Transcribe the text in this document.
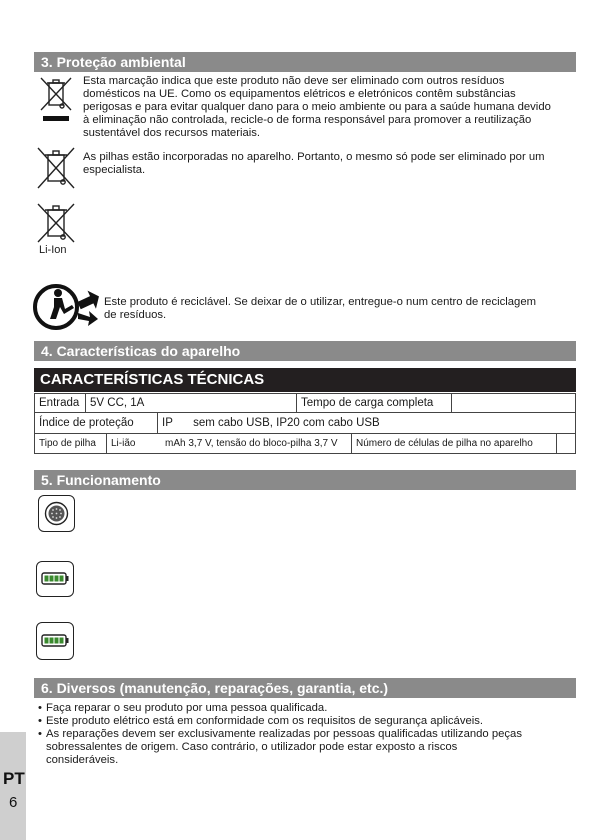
3. Proteção ambiental
Esta marcação indica que este produto não deve ser eliminado com outros resíduos
domésticos na UE. Como os equipamentos elétricos e eletrónicos contêm substâncias
perigosas e para evitar qualquer dano para o meio ambiente ou para a saúde humana devido
à eliminação não controlada, recicle-o de forma responsável para promover a reutilização
sustentável dos recursos materiais.
As pilhas estão incorporadas no aparelho. Portanto, o mesmo só pode ser eliminado por um
especialista.
Li-Ion
Este produto é reciclável. Se deixar de o utilizar, entregue-o num centro de reciclagem
de resíduos.
4. Características do aparelho
CARACTERÍSTICAS TÉCNICAS
Entrada 5V CC, 1A	Tempo de carga completa
Índice de proteção	IP sem cabo USB, IP20 com cabo USB
Tipo de pilha	Li-ião	mAh 3,7 V, tensão do bloco-pilha 3,7 V	Número de células de pilha no aparelho
5. Funcionamento
6. Diversos (manutenção, reparações, garantia, etc.)
• Faça reparar o seu produto por uma pessoa qualificada.
• Este produto elétrico está em conformidade com os requisitos de segurança aplicáveis.
• As reparações devem ser exclusivamente realizadas por pessoas qualificadas utilizando peças
sobressalentes de origem. Caso contrário, o utilizador pode estar exposto a riscos
consideráveis.
PT
6
